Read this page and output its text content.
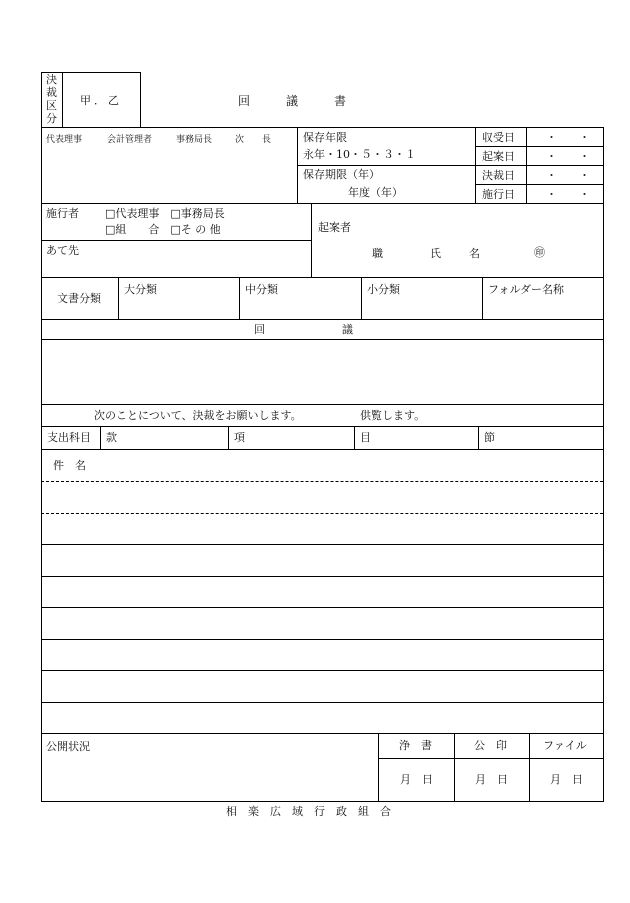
決
裁
区
分
甲．乙	回　　　議　　　書
代表理事	会計管理者	事務局長	次　　長	保存年限
永年・10・５・３・１
保存期限（年）
年度（年）
収受日	・　　・
起案日	・　　・
決裁日	・　　・
施行日	・　　・
施行者 □代表理事　□事務局長
□組　　合　□そ の 他
あて先
起案者
職	氏　　名	㊞
文書分類
大分類	中分類	小分類	フォルダー名称
回　　　　　　　議
次のことについて、決裁をお願いします。	供覧します。
支出科目 款	項	目	節
件　名
公開状況	浄　書	公　印	ファイル
月　日	月　日	月　日
相　楽　広　域　行　政　組　合
